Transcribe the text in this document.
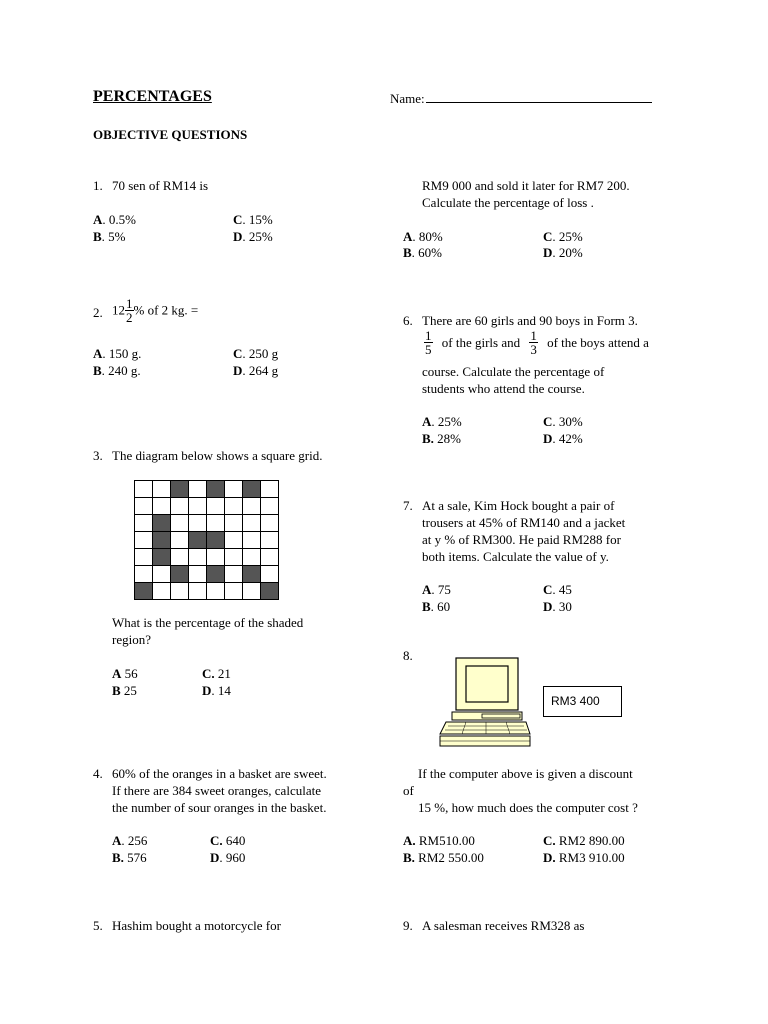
PERCENTAGES	Name:
OBJECTIVE QUESTIONS
1. 70 sen of RM14 is
A. 0.5%
B. 5%
C. 15%
D. 25%
2. $12 \frac{1}{2}$ % of 2 kg. =
A. 150 g.
B. 240 g.
C. 250 g
D. 264 g
3. The diagram below shows a square grid.

What is the percentage of the shaded
region?
A 56
B 25
C. 21
D. 14
4. 60% of the oranges in a basket are sweet.
If there are 384 sweet oranges, calculate
the number of sour oranges in the basket.
A. 256
B. 576
C. 640
D. 960
5. Hashim bought a motorcycle for
RM9 000 and sold it later for RM7 200.
Calculate the percentage of loss .
A. 80%
B. 60%
C. 25%
D. 20%
6. There are 60 girls and 90 boys in Form 3.
$\frac{1}{5}$ of the girls and $\frac{1}{3}$ of the boys attend a
course. Calculate the percentage of
students who attend the course.
A. 25%
B. 28%
C. 30%
D. 42%
7. At a sale, Kim Hock bought a pair of
trousers at 45% of RM140 and a jacket
at y % of RM300. He paid RM288 for
both items. Calculate the value of y.
A. 75
B. 60
C. 45
D. 30
8.
RM3 400
If the computer above is given a discount
of
15 %, how much does the computer cost ?
A. RM510.00
B. RM2 550.00
C. RM2 890.00
D. RM3 910.00
9. A salesman receives RM328 as
